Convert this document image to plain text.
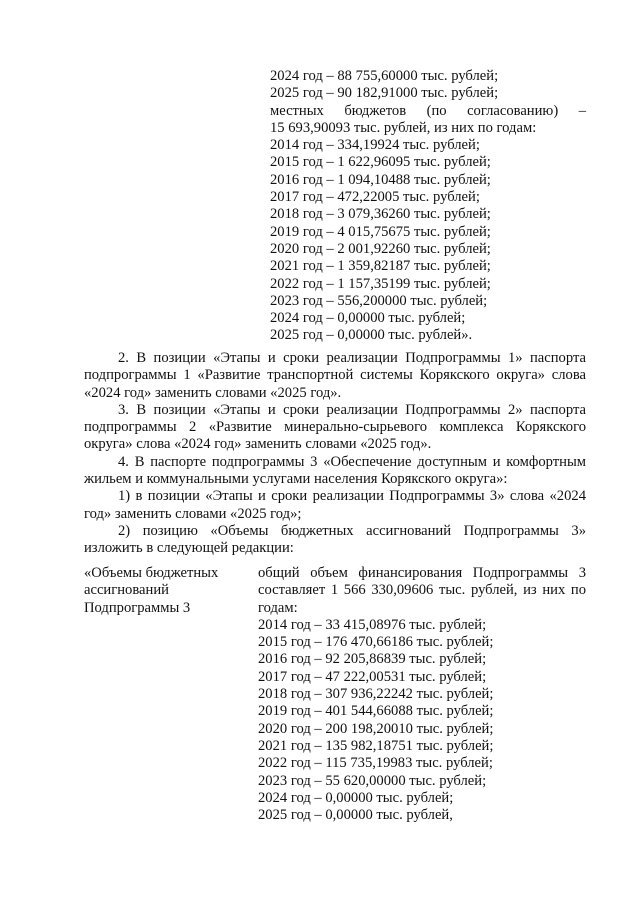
2024 год – 88 755,60000 тыс. рублей;
2025 год – 90 182,91000 тыс. рублей;
местных бюджетов (по согласованию) –
15 693,90093 тыс. рублей, из них по годам:
2014 год – 334,19924 тыс. рублей;
2015 год – 1 622,96095 тыс. рублей;
2016 год – 1 094,10488 тыс. рублей;
2017 год – 472,22005 тыс. рублей;
2018 год – 3 079,36260 тыс. рублей;
2019 год – 4 015,75675 тыс. рублей;
2020 год – 2 001,92260 тыс. рублей;
2021 год – 1 359,82187 тыс. рублей;
2022 год – 1 157,35199 тыс. рублей;
2023 год – 556,200000 тыс. рублей;
2024 год – 0,00000 тыс. рублей;
2025 год – 0,00000 тыс. рублей».
2. В позиции «Этапы и сроки реализации Подпрограммы 1» паспорта
подпрограммы 1 «Развитие транспортной системы Корякского округа» слова
«2024 год» заменить словами «2025 год».
3. В позиции «Этапы и сроки реализации Подпрограммы 2» паспорта
подпрограммы 2 «Развитие минерально-сырьевого комплекса Корякского
округа» слова «2024 год» заменить словами «2025 год».
4. В паспорте подпрограммы 3 «Обеспечение доступным и комфортным
жильем и коммунальными услугами населения Корякского округа»:
1) в позиции «Этапы и сроки реализации Подпрограммы 3» слова «2024
год» заменить словами «2025 год»;
2) позицию «Объемы бюджетных ассигнований Подпрограммы 3»
изложить в следующей редакции:
«Объемы бюджетных
ассигнований
Подпрограммы 3
общий объем финансирования Подпрограммы 3
составляет 1 566 330,09606 тыс. рублей, из них по
годам:
2014 год – 33 415,08976 тыс. рублей;
2015 год – 176 470,66186 тыс. рублей;
2016 год – 92 205,86839 тыс. рублей;
2017 год – 47 222,00531 тыс. рублей;
2018 год – 307 936,22242 тыс. рублей;
2019 год – 401 544,66088 тыс. рублей;
2020 год – 200 198,20010 тыс. рублей;
2021 год – 135 982,18751 тыс. рублей;
2022 год – 115 735,19983 тыс. рублей;
2023 год – 55 620,00000 тыс. рублей;
2024 год – 0,00000 тыс. рублей;
2025 год – 0,00000 тыс. рублей,
